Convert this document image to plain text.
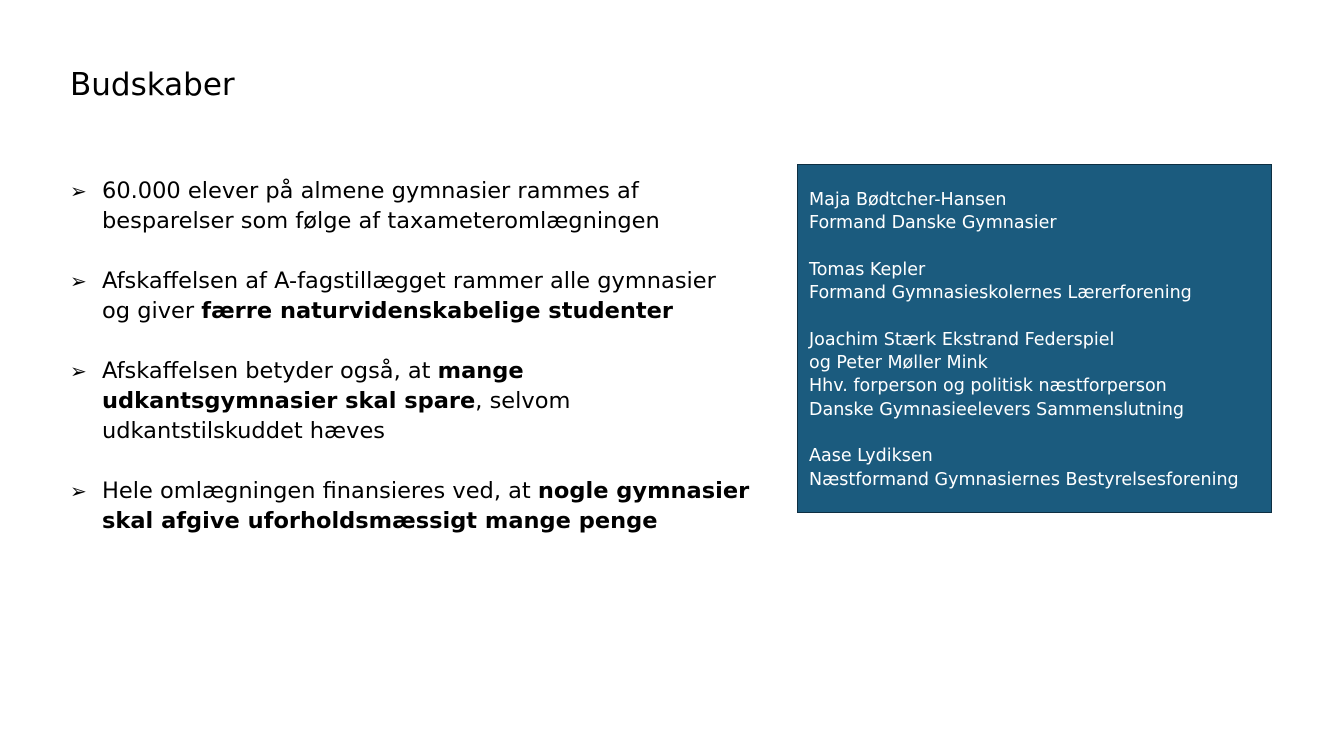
Budskaber
➢ 60.000 elever på almene gymnasier rammes af besparelser som følge af taxameteromlægningen
➢ Afskaffelsen af A-fagstillægget rammer alle gymnasier og giver færre naturvidenskabelige studenter
➢ Afskaffelsen betyder også, at mange udkantsgymnasier skal spare, selvom udkantstilskuddet hæves
➢ Hele omlægningen finansieres ved, at nogle gymnasier skal afgive uforholdsmæssigt mange penge
Maja Bødtcher-Hansen
Formand Danske Gymnasier
Tomas Kepler
Formand Gymnasieskolernes Lærerforening
Joachim Stærk Ekstrand Federspiel
og Peter Møller Mink
Hhv. forperson og politisk næstforperson
Danske Gymnasieelevers Sammenslutning
Aase Lydiksen
Næstformand Gymnasiernes Bestyrelsesforening
